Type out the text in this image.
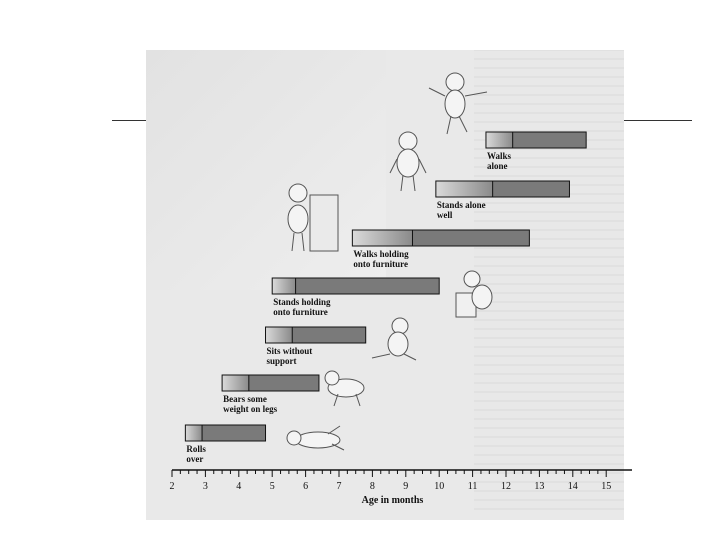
Rolls
over
Bears some
weight on legs
Sits without
support
Stands holding
onto furniture
Walks holding
onto furniture
Stands alone
well
Walks
alone
2	3	4	5	6	7	8	9	10 11 12 13 14 15
Age in months
